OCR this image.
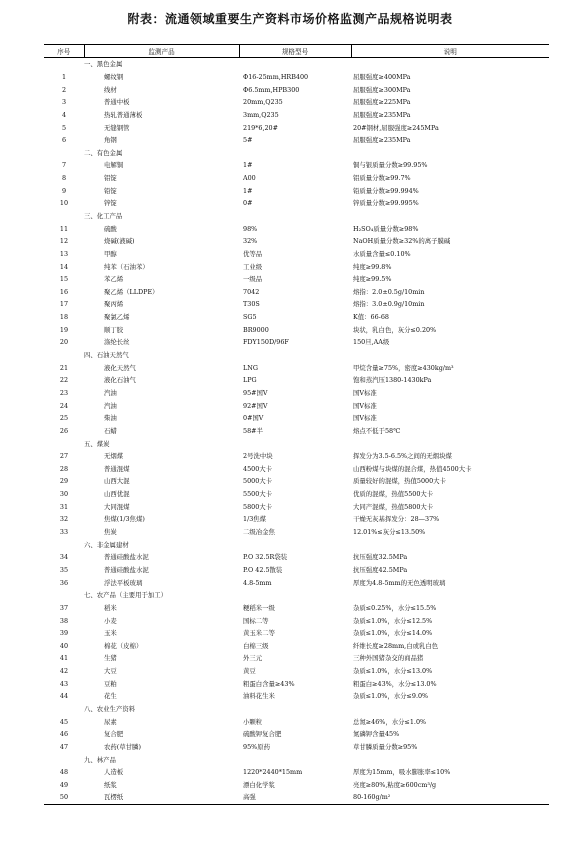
附表：流通领域重要生产资料市场价格监测产品规格说明表
序号	监测产品	规格型号	说明
	一、黑色金属		
1	螺纹钢	Φ16-25mm,HRB400	屈服强度≥400MPa
2	线材	Φ6.5mm,HPB300	屈服强度≥300MPa
3	普通中板	20mm,Q235	屈服强度≥225MPa
4	热轧普通薄板	3mm,Q235	屈服强度≥235MPa
5	无缝钢管	219*6,20#	20#钢材,屈服强度≥245MPa
6	角钢	5#	屈服强度≥235MPa
	二、有色金属		
7	电解铜	1#	铜与银质量分数≥99.95%
8	铝锭	A00	铝质量分数≥99.7%
9	铅锭	1#	铅质量分数≥99.994%
10	锌锭	0#	锌质量分数≥99.995%
	三、化工产品		
11	硫酸	98%	H₂SO₄质量分数≥98%
12	烧碱(液碱)	32%	NaOH质量分数≥32%的离子膜碱
13	甲醇	优等品	水质量含量≤0.10%
14	纯苯（石油苯）	工业级	纯度≥99.8%
15	苯乙烯	一级品	纯度≥99.5%
16	聚乙烯（LLDPE）	7042	熔指：2.0±0.5g/10min
17	聚丙烯	T30S	熔指：3.0±0.9g/10min
18	聚氯乙烯	SG5	K值：66-68
19	顺丁胶	BR9000	块状，乳白色，灰分≤0.20%
20	涤纶长丝	FDY150D/96F	150旦,AA级
	四、石油天然气		
21	液化天然气	LNG	甲烷含量≥75%，密度≥430kg/m³
22	液化石油气	LPG	饱和蒸汽压1380-1430kPa
23	汽油	95#国V	国V标准
24	汽油	92#国V	国V标准
25	柴油	0#国V	国V标准
26	石蜡	58#半	熔点不低于58℃
	五、煤炭		
27	无烟煤	2号洗中块	挥发分为3.5-6.5%之间的无烟块煤
28	普通混煤	4500大卡	山西粉煤与块煤的混合煤，热值4500大卡
29	山西大混	5000大卡	质量较好的混煤，热值5000大卡
30	山西优混	5500大卡	优质的混煤，热值5500大卡
31	大同混煤	5800大卡	大同产混煤，热值5800大卡
32	焦煤(1/3焦煤)	1/3焦煤	干燥无灰基挥发分：28—37%
33	焦炭	二级冶金焦	12.01%≤灰分≤13.50%
	六、非金属建材		
34	普通硅酸盐水泥	P.O 32.5R袋装	抗压强度32.5MPa
35	普通硅酸盐水泥	P.O 42.5散装	抗压强度42.5MPa
36	浮法平板玻璃	4.8-5mm	厚度为4.8-5mm的无色透明玻璃
	七、农产品（主要用于加工）		
37	稻米	粳稻米一级	杂质≤0.25%，水分≤15.5%
38	小麦	国标二等	杂质≤1.0%，水分≤12.5%
39	玉米	黄玉米二等	杂质≤1.0%，水分≤14.0%
40	棉花（皮棉）	白棉三级	纤维长度≥28mm,白或乳白色
41	生猪	外三元	三种外国猪杂交的商品猪
42	大豆	黄豆	杂质≤1.0%，水分≤13.0%
43	豆粕	粗蛋白含量≥43%	粗蛋白≥43%，水分≤13.0%
44	花生	油料花生米	杂质≤1.0%，水分≤9.0%
	八、农业生产资料		
45	尿素	小颗粒	总氮≥46%，水分≤1.0%
46	复合肥	硫酸钾复合肥	氮磷钾含量45%
47	农药(草甘膦)	95%原药	草甘膦质量分数≥95%
	九、林产品		
48	人造板	1220*2440*15mm	厚度为15mm，吸水膨胀率≤10%
49	纸浆	漂白化学浆	亮度≥80%,粘度≥600cm³/g
50	瓦楞纸	高强	80-160g/m²
